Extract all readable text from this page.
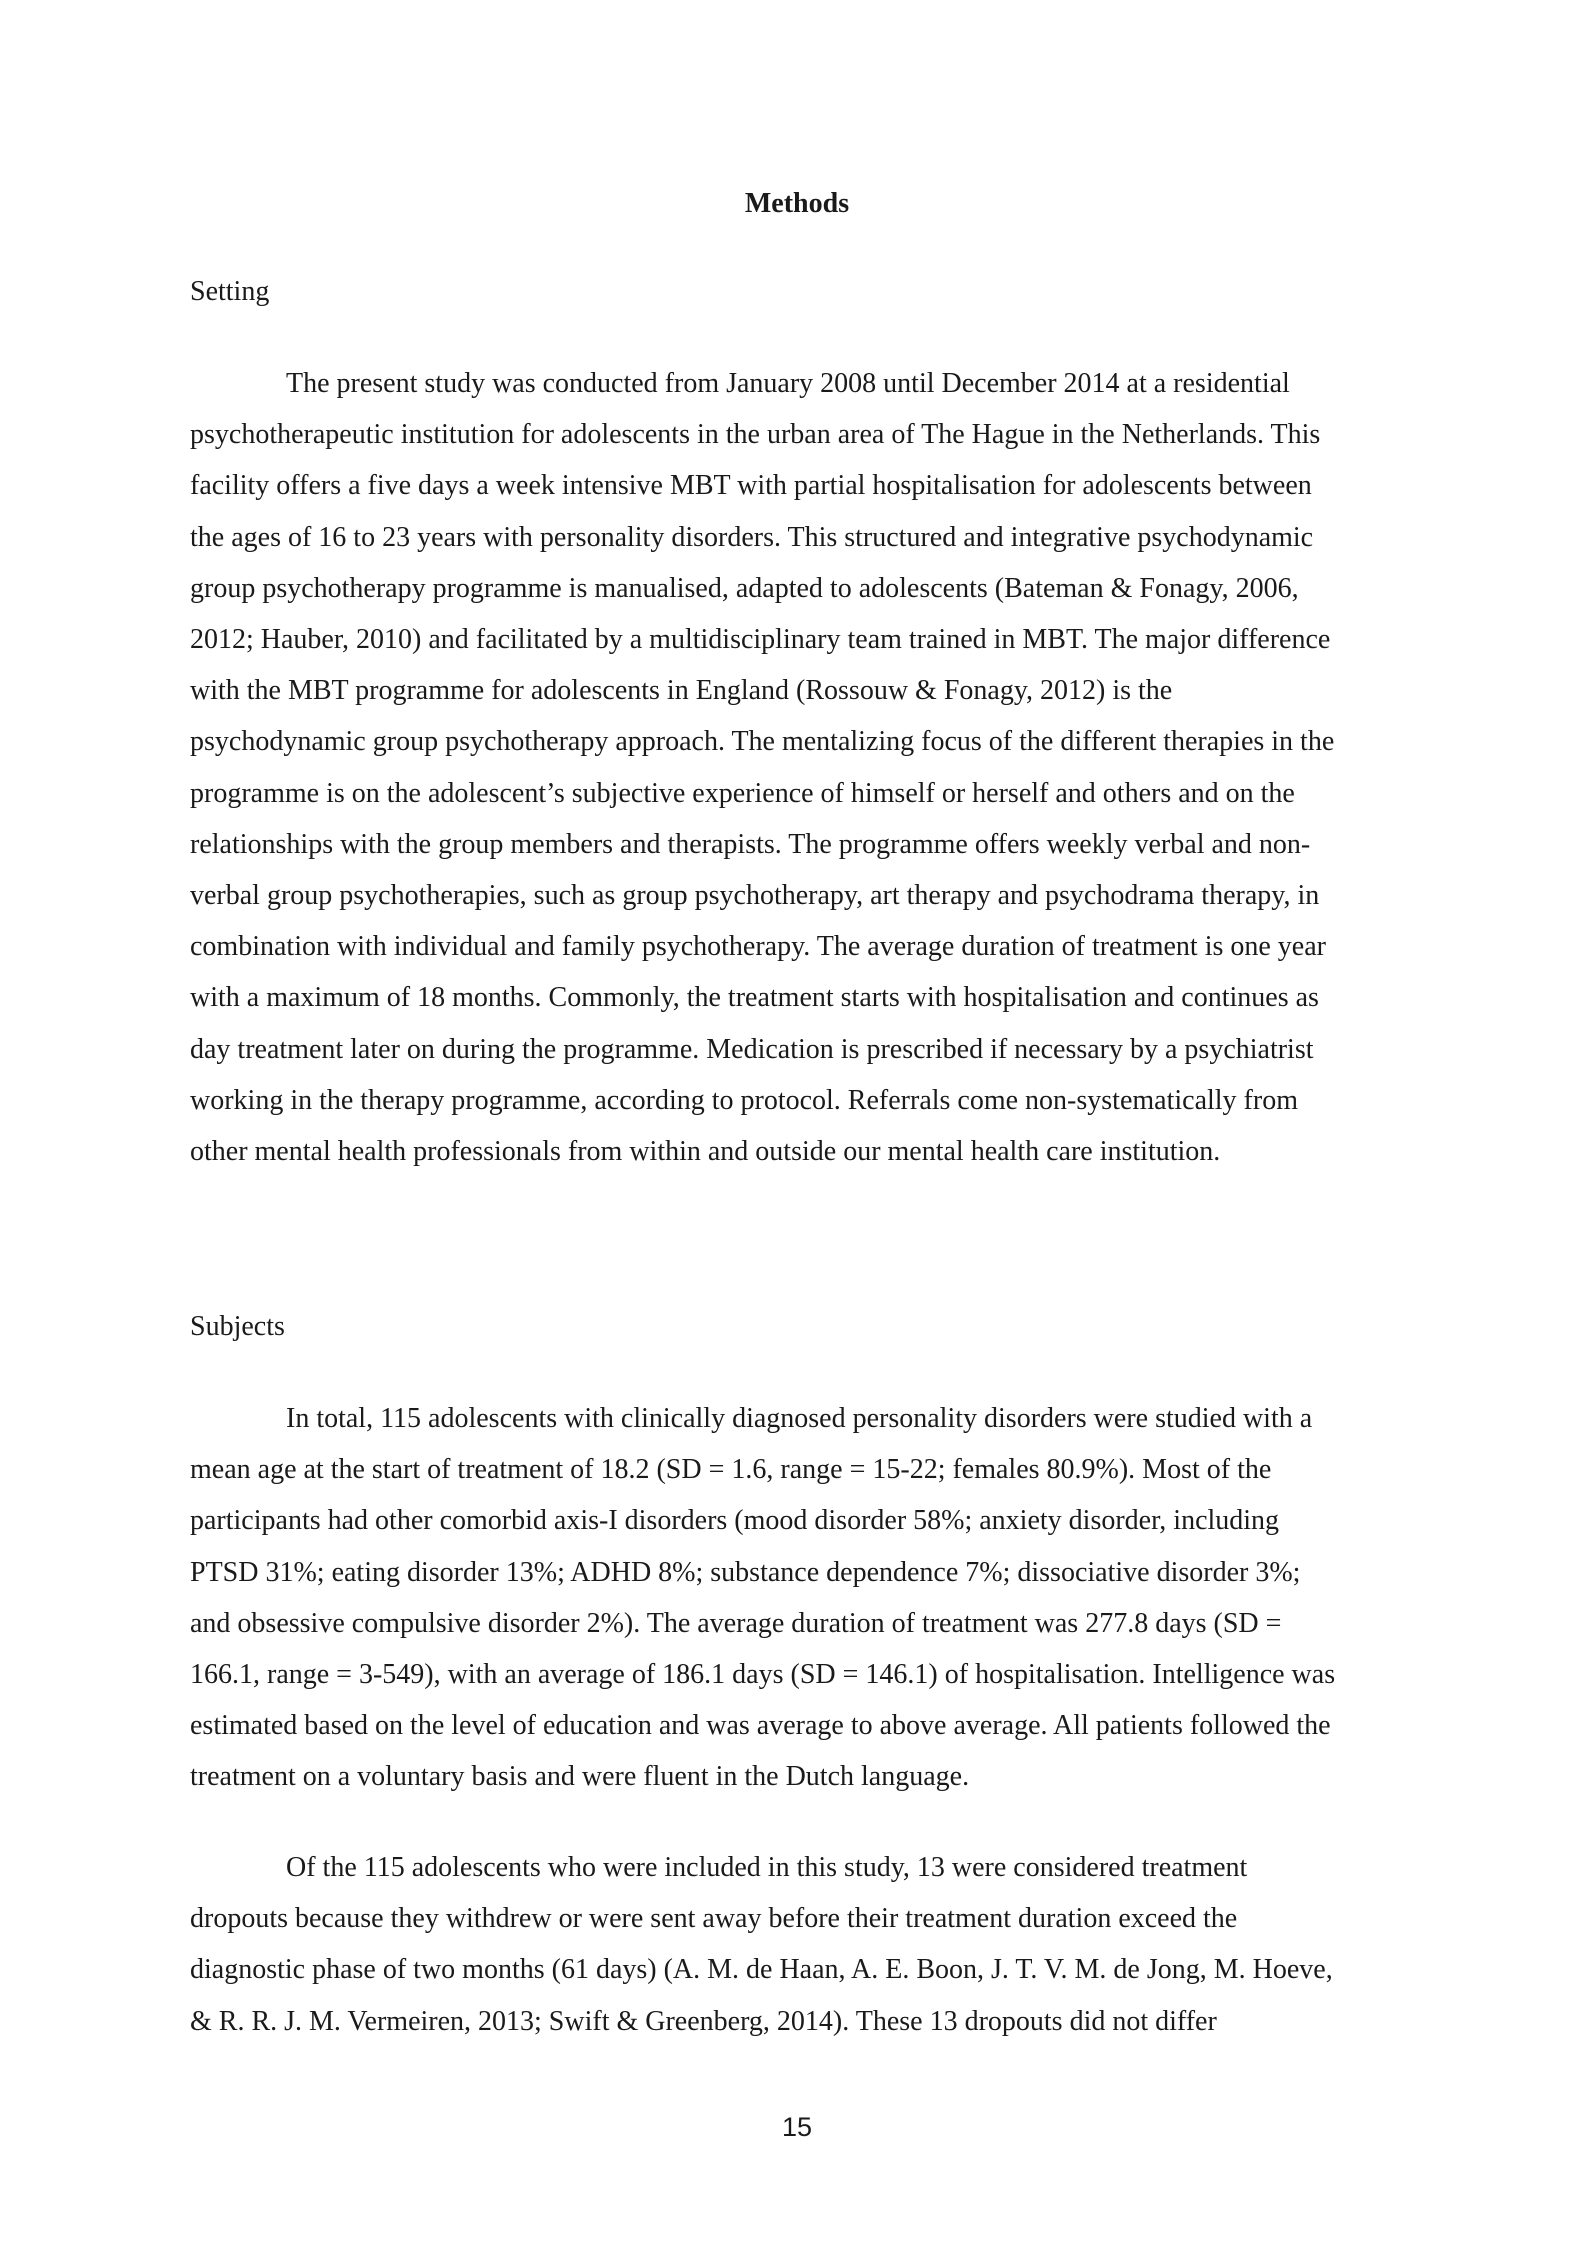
Methods
Setting
The present study was conducted from January 2008 until December 2014 at a residential
psychotherapeutic institution for adolescents in the urban area of The Hague in the Netherlands. This
facility offers a five days a week intensive MBT with partial hospitalisation for adolescents between
the ages of 16 to 23 years with personality disorders. This structured and integrative psychodynamic
group psychotherapy programme is manualised, adapted to adolescents (Bateman & Fonagy, 2006,
2012; Hauber, 2010) and facilitated by a multidisciplinary team trained in MBT. The major difference
with the MBT programme for adolescents in England (Rossouw & Fonagy, 2012) is the
psychodynamic group psychotherapy approach. The mentalizing focus of the different therapies in the
programme is on the adolescent’s subjective experience of himself or herself and others and on the
relationships with the group members and therapists. The programme offers weekly verbal and non-
verbal group psychotherapies, such as group psychotherapy, art therapy and psychodrama therapy, in
combination with individual and family psychotherapy. The average duration of treatment is one year
with a maximum of 18 months. Commonly, the treatment starts with hospitalisation and continues as
day treatment later on during the programme. Medication is prescribed if necessary by a psychiatrist
working in the therapy programme, according to protocol. Referrals come non-systematically from
other mental health professionals from within and outside our mental health care institution.
Subjects
In total, 115 adolescents with clinically diagnosed personality disorders were studied with a
mean age at the start of treatment of 18.2 (SD = 1.6, range = 15-22; females 80.9%). Most of the
participants had other comorbid axis-I disorders (mood disorder 58%; anxiety disorder, including
PTSD 31%; eating disorder 13%; ADHD 8%; substance dependence 7%; dissociative disorder 3%;
and obsessive compulsive disorder 2%). The average duration of treatment was 277.8 days (SD =
166.1, range = 3-549), with an average of 186.1 days (SD = 146.1) of hospitalisation. Intelligence was
estimated based on the level of education and was average to above average. All patients followed the
treatment on a voluntary basis and were fluent in the Dutch language.
Of the 115 adolescents who were included in this study, 13 were considered treatment
dropouts because they withdrew or were sent away before their treatment duration exceed the
diagnostic phase of two months (61 days) (A. M. de Haan, A. E. Boon, J. T. V. M. de Jong, M. Hoeve,
& R. R. J. M. Vermeiren, 2013; Swift & Greenberg, 2014). These 13 dropouts did not differ
15
